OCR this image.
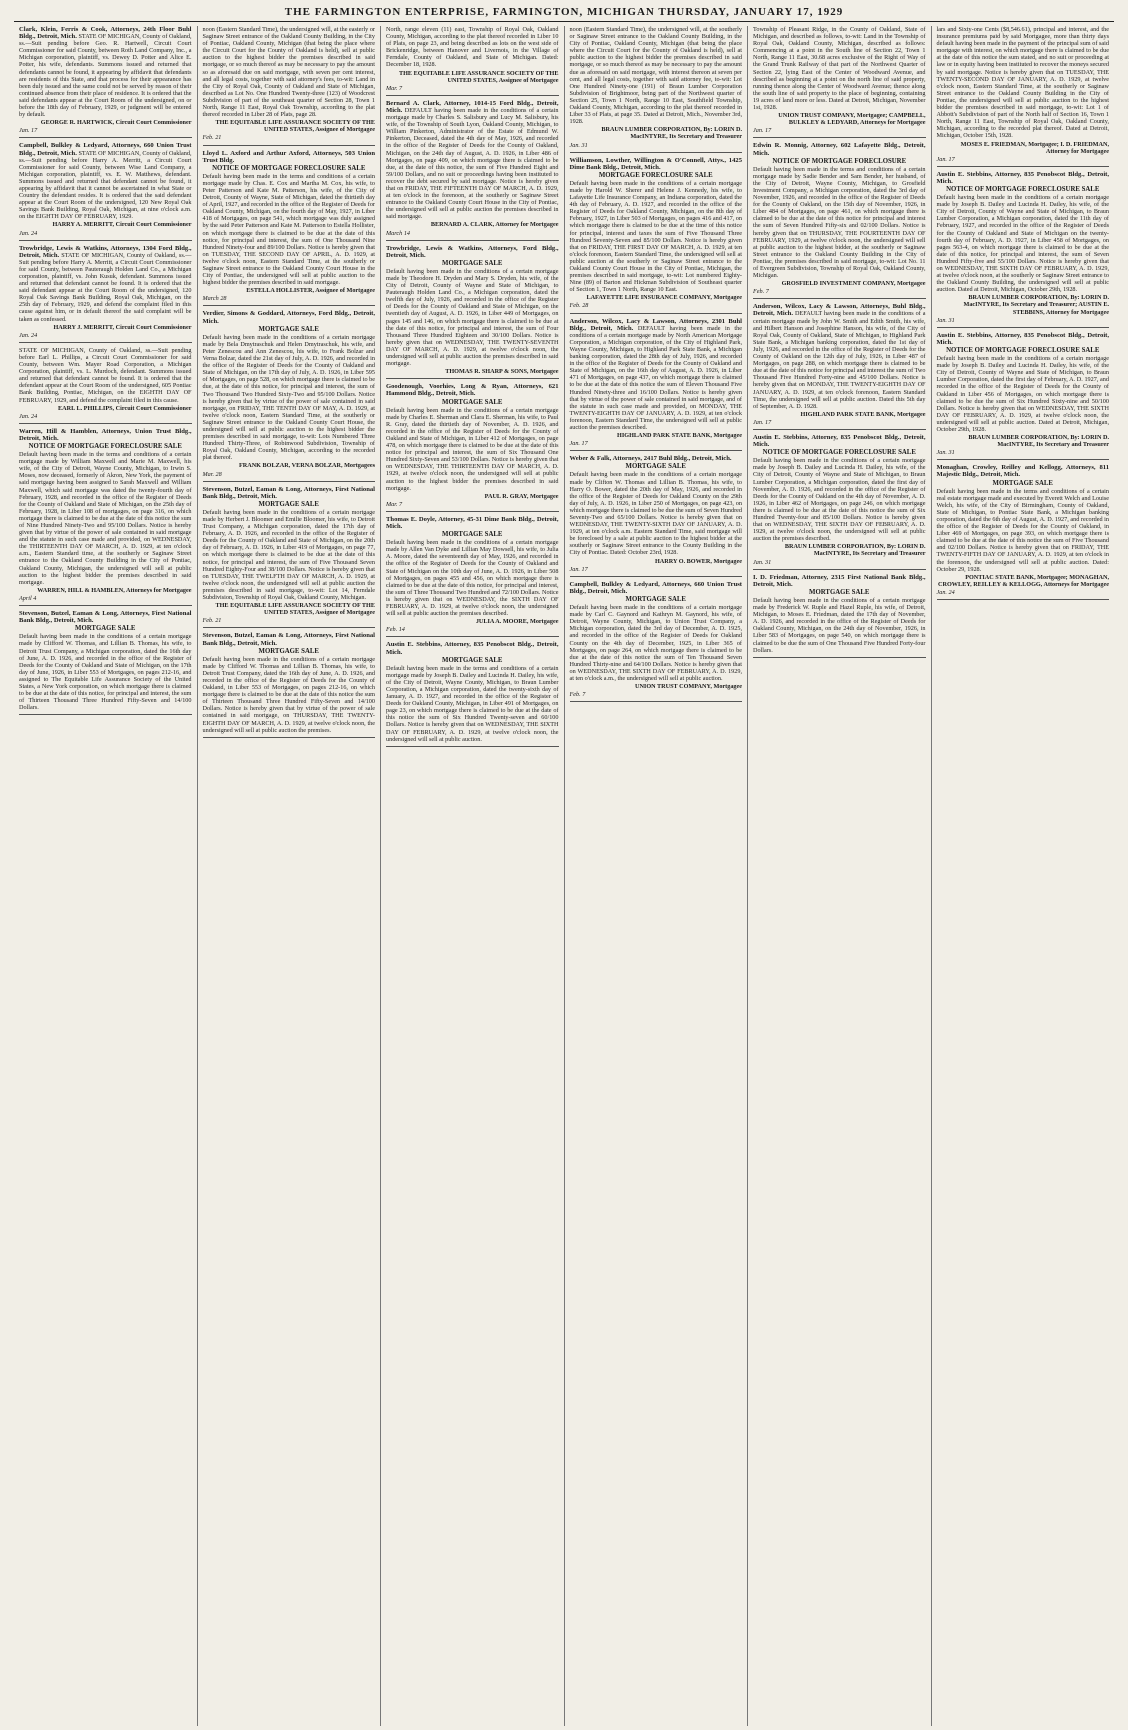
THE FARMINGTON ENTERPRISE, FARMINGTON, MICHIGAN THURSDAY, JANUARY 17, 1929
Clark, Klein, Ferris & Cook, Attorneys, 24th Floor Buhl Bldg., Detroit, Mich. STATE OF MICHIGAN, County of Oakland, ss.—Suit pending before Geo. R. Hartwell, Circuit Court Commissioner for said County, between Roth Land Company, Inc., a Michigan corporation, plaintiff, vs. Dewey D. Potter and Alice E. Potter, his wife, defendants. Summons issued and returned that defendants cannot be found, it appearing by affidavit that defendants are residents of this State, and that process for their appearance has been duly issued and the same could not be served by reason of their continued absence from their place of residence. It is ordered that the said defendants appear at the Court Room of the undersigned, on or before the 18th day of February, 1929, or judgment will be entered by default.
GEORGE R. HARTWICK, Circuit Court Commissioner
Jan. 17
Campbell, Bulkley & Ledyard, Attorneys, 660 Union Trust Bldg., Detroit, Mich. STATE OF MICHIGAN, County of Oakland, ss.—Suit pending before Harry A. Merritt, a Circuit Court Commissioner for said County, between Wise Land Company, a Michigan corporation, plaintiff, vs. E. W. Matthews, defendant. Summons issued and returned that defendant cannot be found, it appearing by affidavit that it cannot be ascertained in what State or Country the defendant resides. It is ordered that the said defendant appear at the Court Room of the undersigned, 120 New Royal Oak Savings Bank Building, Royal Oak, Michigan, at nine o'clock a.m. on the EIGHTH DAY OF FEBRUARY, 1929.
HARRY A. MERRITT, Circuit Court Commissioner
Jan. 24
Trowbridge, Lewis & Watkins, Attorneys, 1304 Ford Bldg., Detroit, Mich. STATE OF MICHIGAN, County of Oakland, ss.—Suit pending before Harry A. Merritt, a Circuit Court Commissioner for said County, between Pauteraugh Holden Land Co., a Michigan corporation, plaintiff, vs. John Kusuk, defendant. Summons issued and returned that defendant cannot be found. It is ordered that the said defendant appear at the Court Room of the undersigned, 120 Royal Oak Savings Bank Building, Royal Oak, Michigan, on the 25th day of February, 1929, and defend the complaint filed in this cause against him, or in default thereof the said complaint will be taken as confessed.
HARRY J. MERRITT, Circuit Court Commissioner
Jan. 24
STATE OF MICHIGAN, County of Oakland, ss.—Suit pending before Earl L. Phillips, a Circuit Court Commissioner for said County, between Wm. Mayer Road Corporation, a Michigan Corporation, plaintiff, vs. L. Murdoch, defendant. Summons issued and returned that defendant cannot be found. It is ordered that the defendant appear at the Court Room of the undersigned, 605 Pontiac Bank Building, Pontiac, Michigan, on the EIGHTH DAY OF FEBRUARY, 1929, and defend the complaint filed in this cause.
EARL L. PHILLIPS, Circuit Court Commissioner
Jan. 24
Warren, Hill & Hamblen, Attorneys, Union Trust Bldg., Detroit, Mich.
NOTICE OF MORTGAGE FORECLOSURE SALE
Default having been made in the terms and conditions of a certain mortgage made by William Maxwell and Marie M. Maxwell, his wife, of the City of Detroit, Wayne County, Michigan, to Irwin S. Moses, now deceased, formerly of Akron, New York, the payment of said mortgage having been assigned to Sarah Maxwell and William Maxwell, which said mortgage was dated the twenty-fourth day of February, 1928, and recorded in the office of the Register of Deeds for the County of Oakland and State of Michigan, on the 25th day of February, 1928, in Liber 108 of mortgages, on page 316, on which mortgage there is claimed to be due at the date of this notice the sum of Nine Hundred Ninety-Two and 95/100 Dollars. Notice is hereby given that by virtue of the power of sale contained in said mortgage and the statute in such case made and provided, on WEDNESDAY, the THIRTEENTH DAY OF MARCH, A. D. 1929, at ten o'clock a.m., Eastern Standard time, at the southerly or Saginaw Street entrance to the Oakland County Building in the City of Pontiac, Oakland County, Michigan, the undersigned will sell at public auction to the highest bidder the premises described in said mortgage.
WARREN, HILL & HAMBLEN, Attorneys for Mortgagee
April 4
Stevenson, Butzel, Eaman & Long, Attorneys, First National Bank Bldg., Detroit, Mich.
MORTGAGE SALE
Default having been made in the conditions of a certain mortgage made by Clifford W. Thomas, and Lillian B. Thomas, his wife, to Detroit Trust Company, a Michigan corporation, dated the 16th day of June, A. D. 1926, and recorded in the office of the Register of Deeds for the County of Oakland and State of Michigan, on the 17th day of June, 1926, in Liber 553 of Mortgages, on pages 212-16, and assigned to The Equitable Life Assurance Society of the United States, a New York corporation, on which mortgage there is claimed to be due at the date of this notice, for principal and interest, the sum of Thirteen Thousand Three Hundred Fifty-Seven and 14/100 Dollars.
noon (Eastern Standard Time), the undersigned will, at the easterly or Saginaw Street entrance of the Oakland County Building, in the City of Pontiac, Oakland County, Michigan (that being the place where the Circuit Court for the County of Oakland is held), sell at public auction to the highest bidder the premises described in said mortgage, or so much thereof as may be necessary to pay the amount so as aforesaid due on said mortgage, with seven per cent interest, and all legal costs, together with said attorney's fees, to-wit: Land in the City of Royal Oak, County of Oakland and State of Michigan, described as Lot No. One Hundred Twenty-three (123) of Woodcrest Subdivision of part of the southeast quarter of Section 28, Town 1 North, Range 11 East, Royal Oak Township, according to the plat thereof recorded in Liber 28 of Plats, page 28.
THE EQUITABLE LIFE ASSURANCE SOCIETY OF THE UNITED STATES, Assignee of Mortgagee
Feb. 21
Lloyd L. Axford and Arthur Axford, Attorneys, 503 Union Trust Bldg.
NOTICE OF MORTGAGE FORECLOSURE SALE
Default having been made in the terms and conditions of a certain mortgage made by Chas. E. Cox and Martha M. Cox, his wife, to Peter Patterson and Kate M. Patterson, his wife, of the City of Detroit, County of Wayne, State of Michigan, dated the thirtieth day of April, 1927, and recorded in the office of the Register of Deeds for Oakland County, Michigan, on the fourth day of May, 1927, in Liber 418 of Mortgages, on page 541, which mortgage was duly assigned by the said Peter Patterson and Kate M. Patterson to Estella Hollister, on which mortgage there is claimed to be due at the date of this notice, for principal and interest, the sum of One Thousand Nine Hundred Ninety-four and 89/100 Dollars. Notice is hereby given that on TUESDAY, THE SECOND DAY OF APRIL, A. D. 1929, at twelve o'clock noon, Eastern Standard Time, at the southerly or Saginaw Street entrance to the Oakland County Court House in the City of Pontiac, the undersigned will sell at public auction to the highest bidder the premises described in said mortgage.
ESTELLA HOLLISTER, Assignee of Mortgagee
March 28
Verdier, Simons & Goddard, Attorneys, Ford Bldg., Detroit, Mich.
MORTGAGE SALE
Default having been made in the conditions of a certain mortgage made by Bela Dmytraschuk and Helen Dmytraschuk, his wife, and Peter Zenescou and Ann Zenescou, his wife, to Frank Bolzar and Verna Bolzar, dated the 21st day of July, A. D. 1926, and recorded in the office of the Register of Deeds for the County of Oakland and State of Michigan, on the 17th day of July, A. D. 1926, in Liber 595 of Mortgages, on page 528, on which mortgage there is claimed to be due, at the date of this notice, for principal and interest, the sum of Two Thousand Two Hundred Sixty-Two and 95/100 Dollars. Notice is hereby given that by virtue of the power of sale contained in said mortgage, on FRIDAY, THE TENTH DAY OF MAY, A. D. 1929, at twelve o'clock noon, Eastern Standard Time, at the southerly or Saginaw Street entrance to the Oakland County Court House, the undersigned will sell at public auction to the highest bidder the premises described in said mortgage, to-wit: Lots Numbered Three Hundred Thirty-Three, of Robinwood Subdivision, Township of Royal Oak, Oakland County, Michigan, according to the recorded plat thereof.
FRANK BOLZAR, VERNA BOLZAR, Mortgagees
Mar. 28
Stevenson, Butzel, Eaman & Long, Attorneys, First National Bank Bldg., Detroit, Mich.
MORTGAGE SALE
Default having been made in the conditions of a certain mortgage made by Herbert J. Bloomer and Emilie Bloomer, his wife, to Detroit Trust Company, a Michigan corporation, dated the 17th day of February, A. D. 1926, and recorded in the office of the Register of Deeds for the County of Oakland and State of Michigan, on the 20th day of February, A. D. 1926, in Liber 419 of Mortgages, on page 77, on which mortgage there is claimed to be due at the date of this notice, for principal and interest, the sum of Five Thousand Seven Hundred Eighty-Four and 38/100 Dollars. Notice is hereby given that on TUESDAY, THE TWELFTH DAY OF MARCH, A. D. 1929, at twelve o'clock noon, the undersigned will sell at public auction the premises described in said mortgage, to-wit: Lot 14, Ferndale Subdivision, Township of Royal Oak, Oakland County, Michigan.
THE EQUITABLE LIFE ASSURANCE SOCIETY OF THE UNITED STATES, Assignee of Mortgagee
Feb. 21
Stevenson, Butzel, Eaman & Long, Attorneys, First National Bank Bldg., Detroit, Mich.
MORTGAGE SALE
Default having been made in the conditions of a certain mortgage made by Clifford W. Thomas and Lillian B. Thomas, his wife, to Detroit Trust Company, dated the 16th day of June, A. D. 1926, and recorded in the office of the Register of Deeds for the County of Oakland, in Liber 553 of Mortgages, on pages 212-16, on which mortgage there is claimed to be due at the date of this notice the sum of Thirteen Thousand Three Hundred Fifty-Seven and 14/100 Dollars. Notice is hereby given that by virtue of the power of sale contained in said mortgage, on THURSDAY, THE TWENTY-EIGHTH DAY OF MARCH, A. D. 1929, at twelve o'clock noon, the undersigned will sell at public auction the premises.
North, range eleven (11) east, Township of Royal Oak, Oakland County, Michigan, according to the plat thereof recorded in Liber 10 of Plats, on page 23, and being described as lots on the west side of Brickenridge, between Hanover and Livernois, in the Village of Ferndale, County of Oakland, and State of Michigan. Dated: December 18, 1928.
THE EQUITABLE LIFE ASSURANCE SOCIETY OF THE UNITED STATES, Assignee of Mortgagee
Mar. 7
Bernard A. Clark, Attorney, 1014-15 Ford Bldg., Detroit, Mich. DEFAULT having been made in the conditions of a certain mortgage made by Charles S. Salisbury and Lucy M. Salisbury, his wife, of the Township of South Lyon, Oakland County, Michigan, to William Pinkerton, Administrator of the Estate of Edmund W. Pinkerton, Deceased, dated the 4th day of May, 1926, and recorded in the office of the Register of Deeds for the County of Oakland, Michigan, on the 24th day of August, A. D. 1926, in Liber 486 of Mortgages, on page 409, on which mortgage there is claimed to be due, at the date of this notice, the sum of Five Hundred Eight and 59/100 Dollars, and no suit or proceedings having been instituted to recover the debt secured by said mortgage. Notice is hereby given that on FRIDAY, THE FIFTEENTH DAY OF MARCH, A. D. 1929, at ten o'clock in the forenoon, at the southerly or Saginaw Street entrance to the Oakland County Court House in the City of Pontiac, the undersigned will sell at public auction the premises described in said mortgage.
BERNARD A. CLARK, Attorney for Mortgagee
March 14
Trowbridge, Lewis & Watkins, Attorneys, Ford Bldg., Detroit, Mich.
MORTGAGE SALE
Default having been made in the conditions of a certain mortgage made by Theodore H. Dryden and Mary S. Dryden, his wife, of the City of Detroit, County of Wayne and State of Michigan, to Pauteraugh Holden Land Co., a Michigan corporation, dated the twelfth day of July, 1926, and recorded in the office of the Register of Deeds for the County of Oakland and State of Michigan, on the twentieth day of August, A. D. 1926, in Liber 449 of Mortgages, on pages 145 and 146, on which mortgage there is claimed to be due at the date of this notice, for principal and interest, the sum of Four Thousand Three Hundred Eighteen and 30/100 Dollars. Notice is hereby given that on WEDNESDAY, THE TWENTY-SEVENTH DAY OF MARCH, A. D. 1929, at twelve o'clock noon, the undersigned will sell at public auction the premises described in said mortgage.
THOMAS R. SHARP & SONS, Mortgagee
Goodenough, Voorhies, Long & Ryan, Attorneys, 621 Hammond Bldg., Detroit, Mich.
MORTGAGE SALE
Default having been made in the conditions of a certain mortgage made by Charles E. Sherman and Clara E. Sherman, his wife, to Paul R. Gray, dated the thirtieth day of November, A. D. 1926, and recorded in the office of the Register of Deeds for the County of Oakland and State of Michigan, in Liber 412 of Mortgages, on page 478, on which mortgage there is claimed to be due at the date of this notice for principal and interest, the sum of Six Thousand One Hundred Sixty-Seven and 53/100 Dollars. Notice is hereby given that on WEDNESDAY, THE THIRTEENTH DAY OF MARCH, A. D. 1929, at twelve o'clock noon, the undersigned will sell at public auction to the highest bidder the premises described in said mortgage.
PAUL R. GRAY, Mortgagee
Mar. 7
Thomas E. Doyle, Attorney, 45-31 Dime Bank Bldg., Detroit, Mich.
MORTGAGE SALE
Default having been made in the conditions of a certain mortgage made by Allen Van Dyke and Lillian May Dowsell, his wife, to Julia A. Moore, dated the seventeenth day of May, 1926, and recorded in the office of the Register of Deeds for the County of Oakland and State of Michigan on the 10th day of June, A. D. 1926, in Liber 508 of Mortgages, on pages 455 and 456, on which mortgage there is claimed to be due at the date of this notice, for principal and interest, the sum of Three Thousand Two Hundred and 72/100 Dollars. Notice is hereby given that on WEDNESDAY, the SIXTH DAY OF FEBRUARY, A. D. 1929, at twelve o'clock noon, the undersigned will sell at public auction the premises described.
JULIA A. MOORE, Mortgagee
Feb. 14
Austin E. Stebbins, Attorney, 835 Penobscot Bldg., Detroit, Mich.
MORTGAGE SALE
Default having been made in the terms and conditions of a certain mortgage made by Joseph B. Dailey and Lucinda H. Dailey, his wife, of the City of Detroit, Wayne County, Michigan, to Braun Lumber Corporation, a Michigan corporation, dated the twenty-sixth day of January, A. D. 1927, and recorded in the office of the Register of Deeds for Oakland County, Michigan, in Liber 491 of Mortgages, on page 23, on which mortgage there is claimed to be due at the date of this notice the sum of Six Hundred Twenty-seven and 60/100 Dollars. Notice is hereby given that on WEDNESDAY, THE SIXTH DAY OF FEBRUARY, A. D. 1929, at twelve o'clock noon, the undersigned will sell at public auction.
noon (Eastern Standard Time), the undersigned will, at the southerly or Saginaw Street entrance to the Oakland County Building, in the City of Pontiac, Oakland County, Michigan (that being the place where the Circuit Court for the County of Oakland is held), sell at public auction to the highest bidder the premises described in said mortgage, or so much thereof as may be necessary to pay the amount due as aforesaid on said mortgage, with interest thereon at seven per cent, and all legal costs, together with said attorney fee, to-wit: Lot One Hundred Ninety-one (191) of Braun Lumber Corporation Subdivision of Brightmoor, being part of the Northwest quarter of Section 25, Town 1 North, Range 10 East, Southfield Township, Oakland County, Michigan, according to the plat thereof recorded in Liber 33 of Plats, at page 35. Dated at Detroit, Mich., November 3rd, 1928.
BRAUN LUMBER CORPORATION, By: LORIN D. MacINTYRE, Its Secretary and Treasurer
Jan. 31
Williamson, Lowther, Willington & O'Connell, Attys., 1425 Dime Bank Bldg., Detroit, Mich.
MORTGAGE FORECLOSURE SALE
Default having been made in the conditions of a certain mortgage made by Harold W. Sherer and Helene J. Kennedy, his wife, to Lafayette Life Insurance Company, an Indiana corporation, dated the 4th day of February, A. D. 1927, and recorded in the office of the Register of Deeds for Oakland County, Michigan, on the 8th day of February, 1927, in Liber 503 of Mortgages, on pages 416 and 417, on which mortgage there is claimed to be due at the time of this notice for principal, interest and taxes the sum of Five Thousand Three Hundred Seventy-Seven and 85/100 Dollars. Notice is hereby given that on FRIDAY, THE FIRST DAY OF MARCH, A. D. 1929, at ten o'clock forenoon, Eastern Standard Time, the undersigned will sell at public auction at the southerly or Saginaw Street entrance to the Oakland County Court House in the City of Pontiac, Michigan, the premises described in said mortgage, to-wit: Lot numbered Eighty-Nine (89) of Barton and Hickman Subdivision of Southeast quarter of Section 1, Town 1 North, Range 10 East.
LAFAYETTE LIFE INSURANCE COMPANY, Mortgagee
Feb. 28
Anderson, Wilcox, Lacy & Lawson, Attorneys, 2301 Buhl Bldg., Detroit, Mich. DEFAULT having been made in the conditions of a certain mortgage made by North American Mortgage Corporation, a Michigan corporation, of the City of Highland Park, Wayne County, Michigan, to Highland Park State Bank, a Michigan banking corporation, dated the 28th day of July, 1926, and recorded in the office of the Register of Deeds for the County of Oakland and State of Michigan, on the 16th day of August, A. D. 1926, in Liber 471 of Mortgages, on page 437, on which mortgage there is claimed to be due at the date of this notice the sum of Eleven Thousand Five Hundred Ninety-three and 16/100 Dollars. Notice is hereby given that by virtue of the power of sale contained in said mortgage, and of the statute in such case made and provided, on MONDAY, THE TWENTY-EIGHTH DAY OF JANUARY, A. D. 1929, at ten o'clock forenoon, Eastern Standard Time, the undersigned will sell at public auction the premises described.
HIGHLAND PARK STATE BANK, Mortgagee
Jan. 17
Weber & Falk, Attorneys, 2417 Buhl Bldg., Detroit, Mich.
MORTGAGE SALE
Default having been made in the conditions of a certain mortgage made by Clifton W. Thomas and Lillian B. Thomas, his wife, to Harry O. Bower, dated the 20th day of May, 1926, and recorded in the office of the Register of Deeds for Oakland County on the 29th day of July, A. D. 1926, in Liber 250 of Mortgages, on page 423, on which mortgage there is claimed to be due the sum of Seven Hundred Seventy-Two and 65/100 Dollars. Notice is hereby given that on WEDNESDAY, THE TWENTY-SIXTH DAY OF JANUARY, A. D. 1929, at ten o'clock a.m. Eastern Standard Time, said mortgage will be foreclosed by a sale at public auction to the highest bidder at the southerly or Saginaw Street entrance to the County Building in the City of Pontiac. Dated: October 23rd, 1928.
HARRY O. BOWER, Mortgagee
Jan. 17
Campbell, Bulkley & Ledyard, Attorneys, 660 Union Trust Bldg., Detroit, Mich.
MORTGAGE SALE
Default having been made in the conditions of a certain mortgage made by Carl C. Gaynord and Kathryn M. Gaynord, his wife, of Detroit, Wayne County, Michigan, to Union Trust Company, a Michigan corporation, dated the 3rd day of December, A. D. 1925, and recorded in the office of the Register of Deeds for Oakland County on the 4th day of December, 1925, in Liber 365 of Mortgages, on page 264, on which mortgage there is claimed to be due at the date of this notice the sum of Ten Thousand Seven Hundred Thirty-nine and 64/100 Dollars. Notice is hereby given that on WEDNESDAY, THE SIXTH DAY OF FEBRUARY, A. D. 1929, at ten o'clock a.m., the undersigned will sell at public auction.
UNION TRUST COMPANY, Mortgagee
Feb. 7
Township of Pleasant Ridge, in the County of Oakland, State of Michigan, and described as follows, to-wit: Land in the Township of Royal Oak, Oakland County, Michigan, described as follows: Commencing at a point in the South line of Section 22, Town 1 North, Range 11 East, 30.68 acres exclusive of the Right of Way of the Grand Trunk Railway of that part of the Northwest Quarter of Section 22, lying East of the Center of Woodward Avenue, and described as beginning at a point on the north line of said property, running thence along the Center of Woodward Avenue; thence along the south line of said property to the place of beginning, containing 19 acres of land more or less. Dated at Detroit, Michigan, November 1st, 1928.
UNION TRUST COMPANY, Mortgagee; CAMPBELL, BULKLEY & LEDYARD, Attorneys for Mortgagee
Jan. 17
Edwin R. Monnig, Attorney, 602 Lafayette Bldg., Detroit, Mich.
NOTICE OF MORTGAGE FORECLOSURE
Default having been made in the terms and conditions of a certain mortgage made by Sadie Bender and Sam Bender, her husband, of the City of Detroit, Wayne County, Michigan, to Grosfield Investment Company, a Michigan corporation, dated the 3rd day of November, 1926, and recorded in the office of the Register of Deeds for the County of Oakland, on the 15th day of November, 1926, in Liber 484 of Mortgages, on page 461, on which mortgage there is claimed to be due at the date of this notice for principal and interest the sum of Seven Hundred Fifty-six and 02/100 Dollars. Notice is hereby given that on THURSDAY, THE FOURTEENTH DAY OF FEBRUARY, 1929, at twelve o'clock noon, the undersigned will sell at public auction to the highest bidder, at the southerly or Saginaw Street entrance to the Oakland County Building in the City of Pontiac, the premises described in said mortgage, to-wit: Lot No. 11 of Evergreen Subdivision, Township of Royal Oak, Oakland County, Michigan.
GROSFIELD INVESTMENT COMPANY, Mortgagee
Feb. 7
Anderson, Wilcox, Lacy & Lawson, Attorneys, Buhl Bldg., Detroit, Mich. DEFAULT having been made in the conditions of a certain mortgage made by John W. Smith and Edith Smith, his wife, and Hilbert Hanson and Josephine Hanson, his wife, of the City of Royal Oak, County of Oakland, State of Michigan, to Highland Park State Bank, a Michigan banking corporation, dated the 1st day of July, 1926, and recorded in the office of the Register of Deeds for the County of Oakland on the 12th day of July, 1926, in Liber 487 of Mortgages, on page 288, on which mortgage there is claimed to be due at the date of this notice for principal and interest the sum of Two Thousand Five Hundred Forty-nine and 45/100 Dollars. Notice is hereby given that on MONDAY, THE TWENTY-EIGHTH DAY OF JANUARY, A. D. 1929, at ten o'clock forenoon, Eastern Standard Time, the undersigned will sell at public auction. Dated this 5th day of September, A. D. 1928.
HIGHLAND PARK STATE BANK, Mortgagee
Jan. 17
Austin E. Stebbins, Attorney, 835 Penobscot Bldg., Detroit, Mich.
NOTICE OF MORTGAGE FORECLOSURE SALE
Default having been made in the conditions of a certain mortgage made by Joseph B. Dailey and Lucinda H. Dailey, his wife, of the City of Detroit, County of Wayne and State of Michigan, to Braun Lumber Corporation, a Michigan corporation, dated the first day of November, A. D. 1926, and recorded in the office of the Register of Deeds for the County of Oakland on the 4th day of November, A. D. 1926, in Liber 462 of Mortgages, on page 246, on which mortgage there is claimed to be due at the date of this notice the sum of Six Hundred Twenty-four and 85/100 Dollars. Notice is hereby given that on WEDNESDAY, THE SIXTH DAY OF FEBRUARY, A. D. 1929, at twelve o'clock noon, the undersigned will sell at public auction the premises described.
BRAUN LUMBER CORPORATION, By: LORIN D. MacINTYRE, Its Secretary and Treasurer
Jan. 31
I. D. Friedman, Attorney, 2315 First National Bank Bldg., Detroit, Mich.
MORTGAGE SALE
Default having been made in the conditions of a certain mortgage made by Frederick W. Ruple and Hazel Ruple, his wife, of Detroit, Michigan, to Moses E. Friedman, dated the 17th day of November, A. D. 1926, and recorded in the office of the Register of Deeds for Oakland County, Michigan, on the 24th day of November, 1926, in Liber 583 of Mortgages, on page 540, on which mortgage there is claimed to be due the sum of One Thousand Five Hundred Forty-four Dollars.
lars and Sixty-one Cents ($8,546.61), principal and interest, and the insurance premiums paid by said Mortgagee, more than thirty days default having been made in the payment of the principal sum of said mortgage with interest, on which mortgage there is claimed to be due at the date of this notice the sum stated, and no suit or proceeding at law or in equity having been instituted to recover the moneys secured by said mortgage. Notice is hereby given that on TUESDAY, THE TWENTY-SECOND DAY OF JANUARY, A. D. 1929, at twelve o'clock noon, Eastern Standard Time, at the southerly or Saginaw Street entrance to the Oakland County Building in the City of Pontiac, the undersigned will sell at public auction to the highest bidder the premises described in said mortgage, to-wit: Lot 1 of Abbott's Subdivision of part of the North half of Section 16, Town 1 North, Range 11 East, Township of Royal Oak, Oakland County, Michigan, according to the recorded plat thereof. Dated at Detroit, Michigan, October 15th, 1928.
MOSES E. FRIEDMAN, Mortgagee; I. D. FRIEDMAN, Attorney for Mortgagee
Jan. 17
Austin E. Stebbins, Attorney, 835 Penobscot Bldg., Detroit, Mich.
NOTICE OF MORTGAGE FORECLOSURE SALE
Default having been made in the conditions of a certain mortgage made by Joseph B. Dailey and Lucinda H. Dailey, his wife, of the City of Detroit, County of Wayne and State of Michigan, to Braun Lumber Corporation, a Michigan corporation, dated the 11th day of February, 1927, and recorded in the office of the Register of Deeds for the County of Oakland and State of Michigan on the twenty-fourth day of February, A. D. 1927, in Liber 458 of Mortgages, on pages 563-4, on which mortgage there is claimed to be due at the date of this notice, for principal and interest, the sum of Seven Hundred Fifty-five and 55/100 Dollars. Notice is hereby given that on WEDNESDAY, THE SIXTH DAY OF FEBRUARY, A. D. 1929, at twelve o'clock noon, at the southerly or Saginaw Street entrance to the Oakland County Building, the undersigned will sell at public auction. Dated at Detroit, Michigan, October 29th, 1928.
BRAUN LUMBER CORPORATION, By: LORIN D. MacINTYRE, Its Secretary and Treasurer; AUSTIN E. STEBBINS, Attorney for Mortgagee
Jan. 31
Austin E. Stebbins, Attorney, 835 Penobscot Bldg., Detroit, Mich.
NOTICE OF MORTGAGE FORECLOSURE SALE
Default having been made in the conditions of a certain mortgage made by Joseph B. Dailey and Lucinda H. Dailey, his wife, of the City of Detroit, County of Wayne and State of Michigan, to Braun Lumber Corporation, dated the first day of February, A. D. 1927, and recorded in the office of the Register of Deeds for the County of Oakland in Liber 456 of Mortgages, on which mortgage there is claimed to be due the sum of Six Hundred Sixty-nine and 50/100 Dollars. Notice is hereby given that on WEDNESDAY, THE SIXTH DAY OF FEBRUARY, A. D. 1929, at twelve o'clock noon, the undersigned will sell at public auction. Dated at Detroit, Michigan, October 29th, 1928.
BRAUN LUMBER CORPORATION, By: LORIN D. MacINTYRE, Its Secretary and Treasurer
Jan. 31
Monaghan, Crowley, Reilley and Kellogg, Attorneys, 811 Majestic Bldg., Detroit, Mich.
MORTGAGE SALE
Default having been made in the terms and conditions of a certain real estate mortgage made and executed by Everett Welch and Louise Welch, his wife, of the City of Birmingham, County of Oakland, State of Michigan, to Pontiac State Bank, a Michigan banking corporation, dated the 6th day of August, A. D. 1927, and recorded in the office of the Register of Deeds for the County of Oakland, in Liber 469 of Mortgages, on page 393, on which mortgage there is claimed to be due at the date of this notice the sum of Five Thousand and 02/100 Dollars. Notice is hereby given that on FRIDAY, THE TWENTY-FIFTH DAY OF JANUARY, A. D. 1929, at ten o'clock in the forenoon, the undersigned will sell at public auction. Dated: October 29, 1928.
PONTIAC STATE BANK, Mortgagee; MONAGHAN, CROWLEY, REILLEY & KELLOGG, Attorneys for Mortgagee
Jan. 24
